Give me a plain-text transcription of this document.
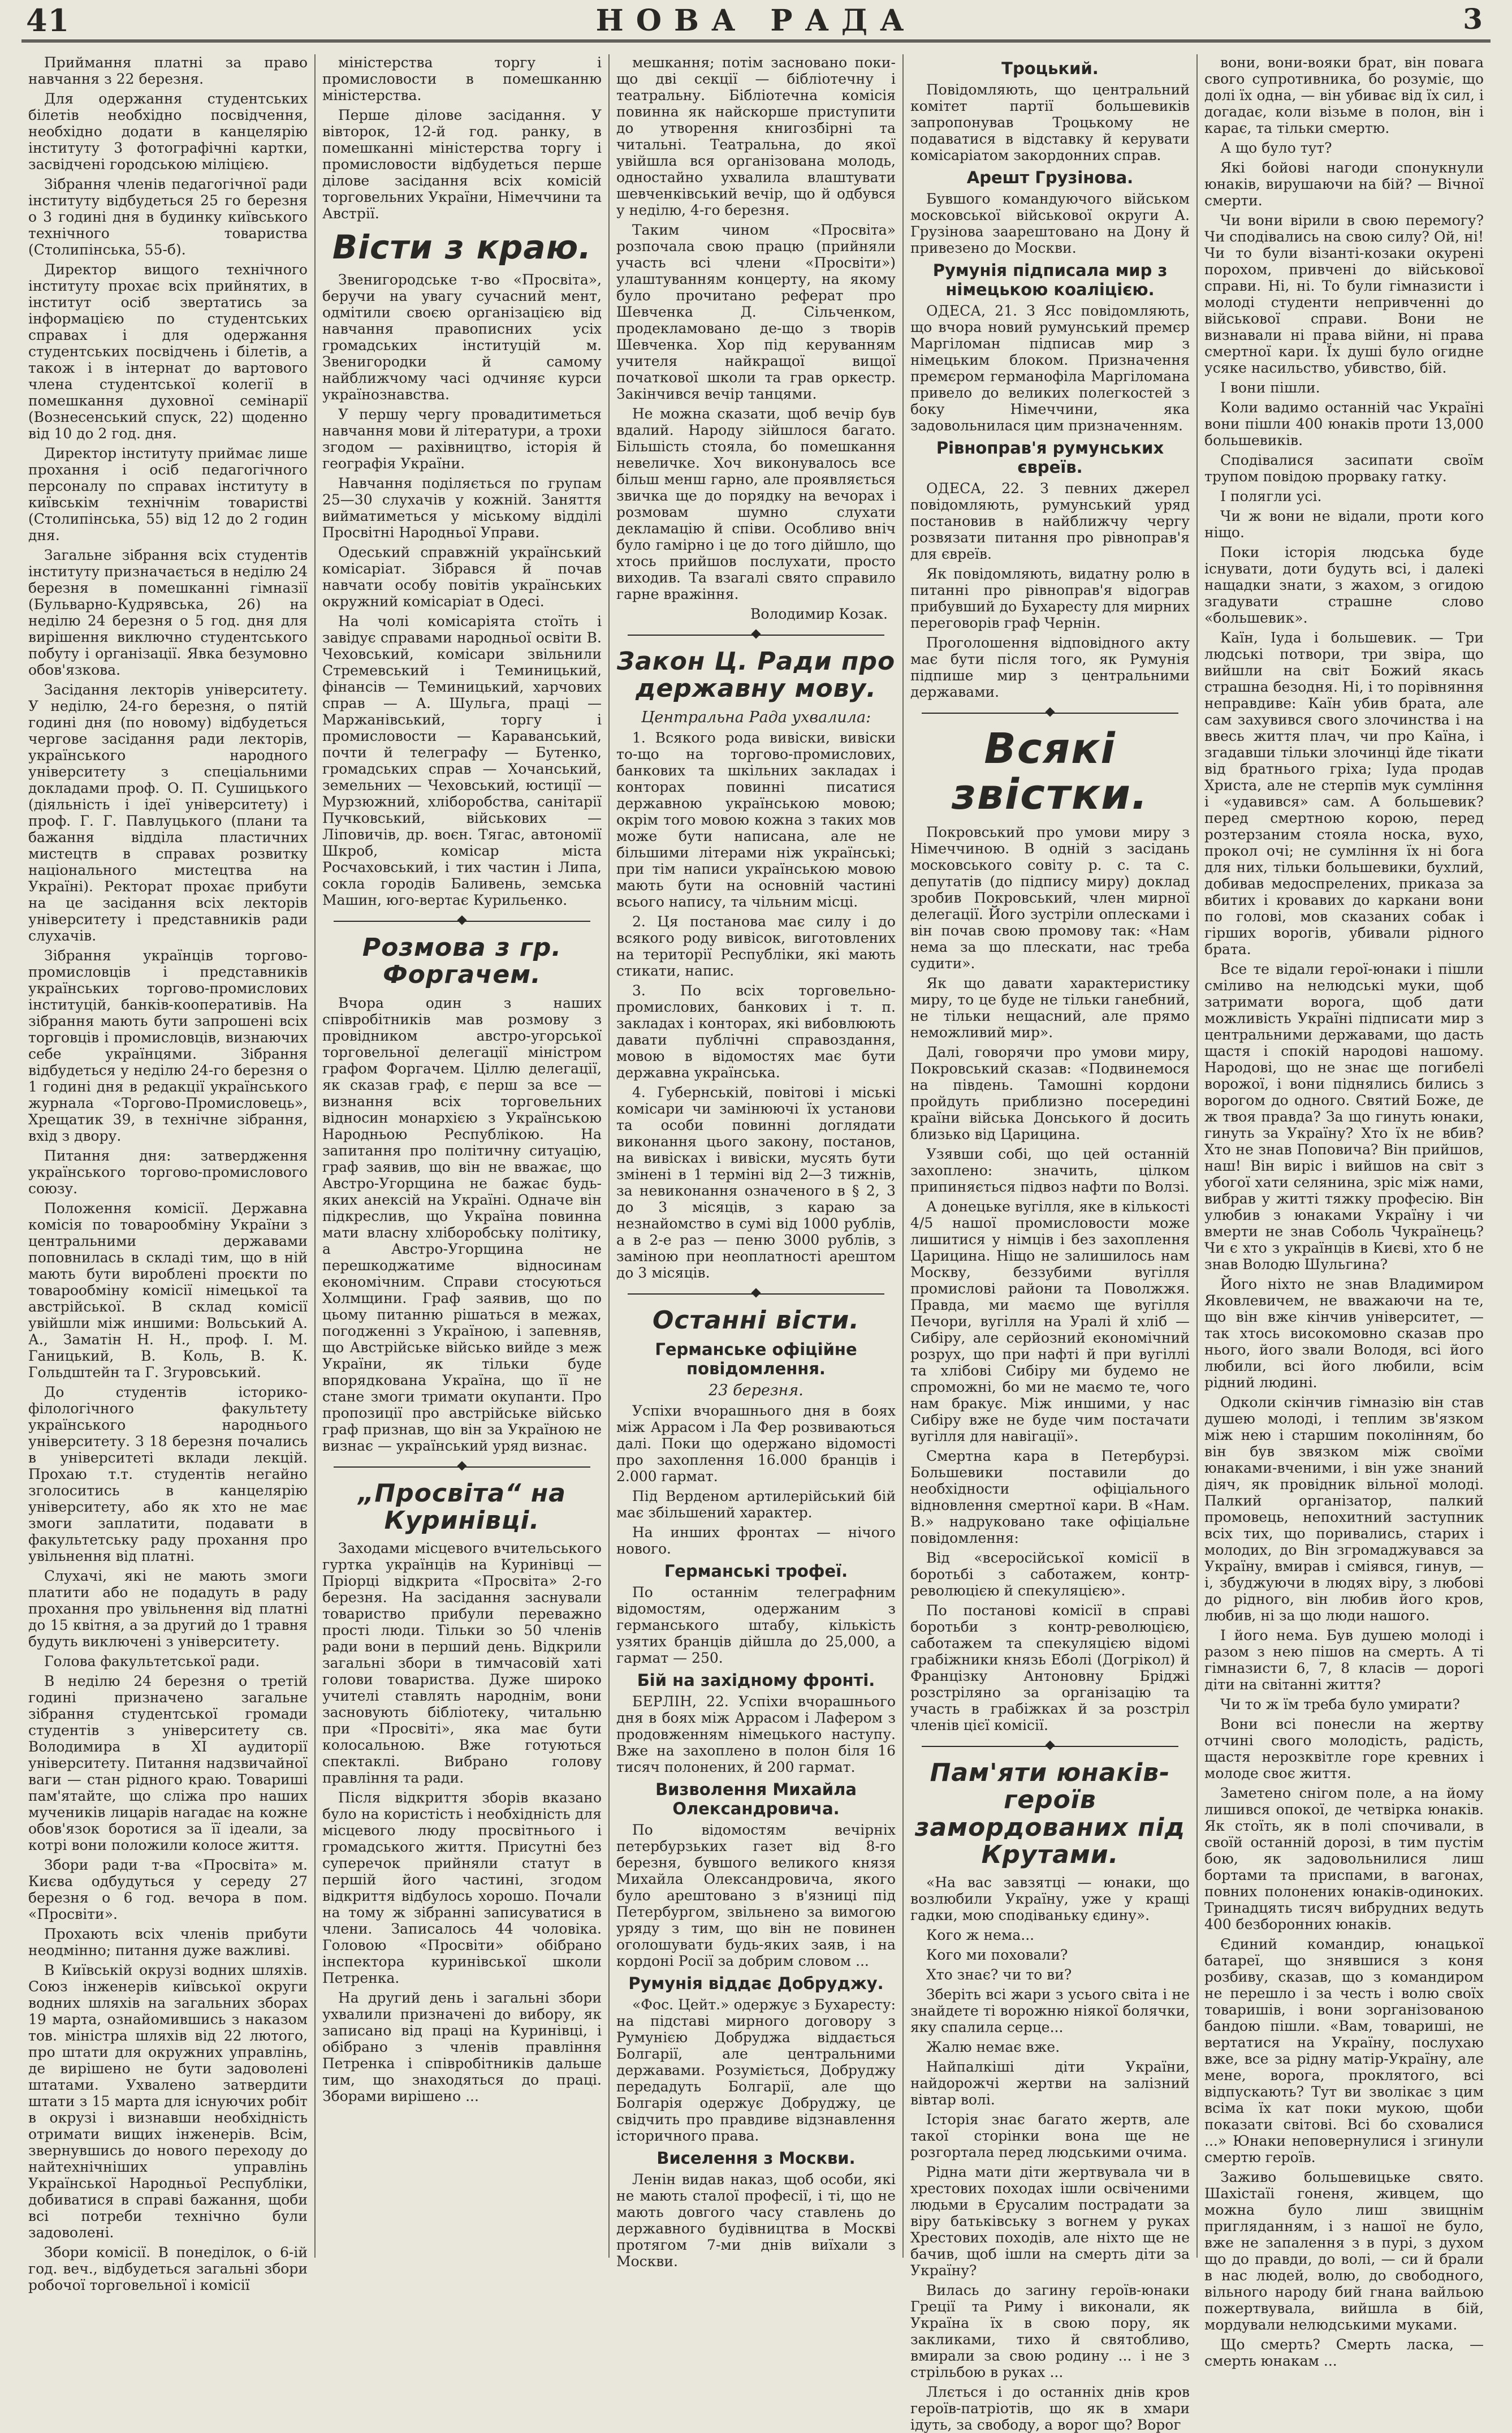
41	НОВА РАДА	3

Приймання платні за право навчання з 22 березня.

Для одержання студентських білетів необхідно посвідчення, необхідно додати в канцелярію інституту 3 фотографічні картки, засвідчені городською міліцією.

Зібрання членів педагогічної ради інституту відбудеться 25 го березня о 3 годині дня в будинку київського технічного товариства (Столипінська, 55-б).

Директор вищого технічного інституту прохає всіх прийнятих, в інститут осіб звертатись за інформацією по студентських справах і для одержання студентських посвідчень і білетів, а також і в інтернат до вартового члена студентської колегії в помешкання духовної семінарії (Вознесенський спуск, 22) щоденно від 10 до 2 год. дня.

Директор інституту приймає лише прохання і осіб педагогічного персоналу по справах інституту в київськім технічнім товаристві (Столипінська, 55) від 12 до 2 годин дня.

Загальне зібрання всіх студентів інституту призначається в неділю 24 березня в помешканні гімназії (Бульварно-Кудрявська, 26) на неділю 24 березня о 5 год. дня для вирішення виключно студентського побуту і організації. Явка безумовно обов'язкова.

Засідання лекторів університету. У неділю, 24-го березня, о пятій годині дня (по новому) відбудеться чергове засідання ради лекторів, українського народного університету з спеціальними докладами проф. О. П. Сушицького (діяльність і ідеї університету) і проф. Г. Г. Павлуцького (плани та бажання відділа пластичних мистецтв в справах розвитку національного мистецтва на Україні). Ректорат прохає прибути на це засідання всіх лекторів університету і представників ради слухачів.

Зібрання українців торгово-промисловців і представників українських торгово-промислових інституцій, банків-кооперативів. На зібрання мають бути запрошені всіх торговців і промисловців, визнаючих себе українцями. Зібрання відбудеться у неділю 24-го березня о 1 годині дня в редакції українського журнала «Торгово-Промисловець», Хрещатик 39, в технічне зібрання, вхід з двору.

Питання дня: затвердження українського торгово-промислового союзу.

Положення комісії. Державна комісія по товарообміну України з центральними державами поповнилась в складі тим, що в ній мають бути вироблені проєкти по товарообміну комісії німецької та австрійської. В склад комісії увійшли між иншими: Вольський А. А., Заматін Н. Н., проф. І. М. Ганицький, В. Коль, В. К. Гольдштейн та Г. Згуровський.

До студентів історико-філологічного факультету українського народнього університету. З 18 березня почались в університеті вклади лекцій. Прохаю т.т. студентів негайно зголоситись в канцелярію університету, або як хто не має змоги заплатити, подавати в факультетську раду прохання про увільнення від платні.

Слухачі, які не мають змоги платити або не подадуть в раду прохання про увільнення від платні до 15 квітня, а за другий до 1 травня будуть виключені з університету.

Голова факультетської ради.

В неділю 24 березня о третій годині призначено загальне зібрання студентської громади студентів з університету св. Володимира в ХІ аудиторії університету. Питання надзвичайної ваги — стан рідного краю. Товариші пам'ятайте, що сліжа про наших мучеників лицарів нагадає на кожне обов'язок боротися за її ідеали, за котрі вони положили колосе життя.

Збори ради т-ва «Просвіта» м. Києва одбудуться у середу 27 березня о 6 год. вечора в пом. «Просвіти».

Прохають всіх членів прибути неодмінно; питання дуже важливі.

В Київській окрузі водних шляхів. Союз інженерів київської округи водних шляхів на загальних зборах 19 марта, ознайомившись з наказом тов. міністра шляхів від 22 лютого, про штати для окружних управлінь, де вирішено не бути задоволені штатами. Ухвалено затвердити штати з 15 марта для існуючих робіт в окрузі і визнавши необхідність отримати вищих інженерів. Всім, звернувшись до нового переходу до найтехнічніших управлінь Української Народньої Республіки, добиватися в справі бажання, щоби всі потреби технічно були задоволені.

Збори комісії. В понеділок, о 6-ій год. веч., відбудеться загальні збори робочої торговельної і комісії

міністерства торгу і промисловости в помешканню міністерства.

Перше ділове засідання. У вівторок, 12-й год. ранку, в помешканні міністерства торгу і промисловости відбудеться перше ділове засідання всіх комісій торговельних України, Німеччини та Австрії.

Вісти з краю.

Звенигородське т-во «Просвіта», беручи на увагу сучасний мент, одмітили своєю організацією від навчання правописних усіх громадських інституцій м. Звенигородки й самому найближчому часі одчиняє курси українознавства.

У першу чергу провадитиметься навчання мови й літератури, а трохи згодом — рахівництво, історія й географія України.

Навчання поділяється по групам 25—30 слухачів у кожній. Заняття вийматиметься у міському відділі Просвітні Народньої Управи.

Одеський справжній український комісаріат. Зібрався й почав навчати особу повітів українських окружний комісаріат в Одесі.

На чолі комісаріята стоїть і завідує справами народньої освіти В. Чеховський, комісари звільнили Стремевський і Теминицький, фінансів — Теминицький, харчових справ — А. Шульга, праці — Маржанівський, торгу і промисловости — Караванський, почти й телеграфу — Бутенко, громадських справ — Хочанський, земельних — Чеховський, юстиції — Мурзюжний, хліборобства, санітарії Пучковський, військових — Ліповичів, др. воєн. Тягас, автономії Шкроб, комісар міста Росчаховський, і тих частин і Липа, сокла городів Баливень, земська Машин, юго-вертає Курильенко.

Розмова з гр. Форгачем.

Вчора один з наших співробітників мав розмову з провідником австро-угорської торговельної делегації міністром графом Форгачем. Ціллю делегації, як сказав граф, є перш за все — визнання всіх торговельних відносин монархією з Українською Народньою Республікою. На запитання про політичну ситуацію, граф заявив, що він не вважає, що Австро-Угорщина не бажає будь-яких анексій на Україні. Одначе він підкреслив, що Україна повинна мати власну хліборобську політику, а Австро-Угорщина не перешкоджатиме відносинам економічним. Справи стосуються Холмщини. Граф заявив, що по цьому питанню рішаться в межах, погодженні з Україною, і запевняв, що Австрійське військо вийде з меж України, як тільки буде впорядкована Україна, що її не стане змоги тримати окупанти. Про пропозиції про австрійське військо граф признав, що він за Україною не визнає — український уряд визнає.

„Просвіта“ на Куринівці.

Заходами місцевого вчительського гуртка українців на Куринівці — Пріорці відкрита «Просвіта» 2-го березня. На засідання заснували товариство прибули переважно прості люди. Тільки зо 50 членів ради вони в перший день. Відкрили загальні збори в тимчасовій хаті голови товариства. Дуже широко учителі ставлять народнім, вони засновують бібліотеку, читальню при «Просвіті», яка має бути колосальною. Вже готуються спектаклі. Вибрано голову правління та ради.

Після відкриття зборів вказано було на користість і необхідність для місцевого люду просвітнього і громадського життя. Присутні без суперечок прийняли статут в першій його частині, згодом відкриття відбулось хорошо. Почали на тому ж зібранні записуватися в члени. Записалось 44 чоловіка. Головою «Просвіти» обібрано інспектора куринівської школи Петренка.

На другий день і загальні збори ухвалили призначені до вибору, як записано від праці на Куринівці, і обібрано з членів правління Петренка і співробітників дальше тим, що знаходяться до праці. Зборами вирішено ...

мешкання; потім засновано поки-що дві секції — бібліотечну і театральну. Бібліотечна комісія повинна як найскорше приступити до утворення книгозбірні та читальні. Театральна, до якої увійшла вся організована молодь, одностайно ухвалила влаштувати шевченківський вечір, що й одбувся у неділю, 4-го березня.

Таким чином «Просвіта» розпочала свою працю (прийняли участь всі члени «Просвіти») улаштуванням концерту, на якому було прочитано реферат про Шевченка Д. Сільченком, продекламовано де-що з творів Шевченка. Хор під керуванням учителя найкращої вищої початкової школи та грав оркестр. Закінчився вечір танцями.

Не можна сказати, щоб вечір був вдалий. Народу зійшлося багато. Більшість стояла, бо помешкання невеличке. Хоч виконувалось все більш менш гарно, але проявляється звичка ще до порядку на вечорах і розмовам шумно слухати декламацію й співи. Особливо вніч було гамірно і це до того дійшло, що хтось прийшов послухати, просто виходив. Та взагалі свято справило гарне вражіння.

Володимир Козак.
Закон Ц. Ради про державну мову.
Центральна Рада ухвалила:

1. Всякого рода вивіски, вивіски то-що на торгово-промислових, банкових та шкільних закладах і конторах повинні писатися державною українською мовою; окрім того мовою кожна з таких мов може бути написана, але не більшими літерами ніж українські; при тім написи українською мовою мають бути на основній частині всього напису, та чільним місці.

2. Ця постанова має силу і до всякого роду вивісок, виготовлених на території Республіки, які мають стикати, напис.

3. По всіх торговельно-промислових, банкових і т. п. закладах і конторах, які вибовлюють давати публічні справоздання, мовою в відомостях має бути державна українська.

4. Губернській, повітові і міські комісари чи замінюючі їх установи та особи повинні доглядати виконання цього закону, постанов, на вивісках і вивіски, мусять бути змінені в 1 терміні від 2—3 тижнів, за невиконання означеного в § 2, 3 до 3 місяців, з караю за незнайомство в сумі від 1000 рублів, а в 2-е раз — пеню 3000 рублів, з заміною при неоплатності арештом до 3 місяців.

Останні вісти.
Германське офіційне повідомлення.
23 березня.

Успіхи вчорашнього дня в боях між Аррасом і Ла Фер розвиваються далі. Поки що одержано відомості про захоплення 16.000 бранців і 2.000 гармат.

Під Верденом артилерійський бій має збільшений характер.

На инших фронтах — нічого нового.

Германські трофеї.

По останнім телеграфним відомостям, одержаним з германського штабу, кількість узятих бранців дійшла до 25,000, а гармат — 250.

Бій на західному фронті.

БЕРЛІН, 22. Успіхи вчорашнього дня в боях між Аррасом і Лафером з продовженням німецького наступу. Вже на захоплено в полон біля 16 тисяч полонених, й 200 гармат.

Визволення Михайла Олександровича.

По відомостям вечірніх петербурзьких газет від 8-го березня, бувшого великого князя Михайла Олександровича, якого було арештовано з в'язниці під Петербургом, звільнено за вимогою уряду з тим, що він не повинен оголошувати будь-яких заяв, і на кордоні Росії за добрим словом ...

Румунія віддає Добруджу.

«Фос. Цейт.» одержує з Бухаресту: на підставі мирного договору з Румунією Добруджа віддається Болгарії, але центральними державами. Розуміється, Добруджу передадуть Болгарії, але що Болгарія одержує Добруджу, це свідчить про правдиве відзнавлення історичного права.

Виселення з Москви.

Ленін видав наказ, щоб особи, які не мають сталої професії, і ті, що не мають довгого часу ставлень до державного будівництва в Москві протягом 7-ми днів виїхали з Москви.

Троцький.

Повідомляють, що центральний комітет партії большевиків запропонував Троцькому не подаватися в відставку й керувати комісаріатом закордонних справ.

Арешт Грузінова.

Бувшого командуючого військом московської військової округи А. Грузінова заарештовано на Дону й привезено до Москви.

Румунія підписала мир з німецькою коаліцією.

ОДЕСА, 21. З Ясс повідомляють, що вчора новий румунський премєр Маргіломан підписав мир з німецьким блоком. Призначення премєром германофіла Маргіломана привело до великих полегкостей з боку Німеччини, яка задовольнилася цим призначенням.

Рівноправ'я румунських євреїв.

ОДЕСА, 22. З певних джерел повідомляють, румунський уряд постановив в найближчу чергу розвязати питання про рівноправ'я для євреїв.

Як повідомляють, видатну ролю в питанні про рівноправ'я відограв прибувший до Бухаресту для мирних переговорів граф Чернін.

Проголошення відповідного акту має бути після того, як Румунія підпише мир з центральними державами.

Всякі звістки.

Покровський про умови миру з Німеччиною. В одній з засідань московського совіту р. с. та с. депутатів (до підпису миру) доклад зробив Покровський, член мирної делегації. Його зустріли оплесками і він почав свою промову так: «Нам нема за що плескати, нас треба судити».

Як що давати характеристику миру, то це буде не тільки ганебний, не тільки нещасний, але прямо неможливий мир».

Далі, говорячи про умови миру, Покровський сказав: «Подвинемося на південь. Тамошні кордони пройдуть приблизно посередині країни війська Донського й досить близько від Царицина.

Узявши собі, що цей останній захоплено: значить, цілком припиняється підвоз нафти по Волзі.

А донецьке вугілля, яке в кількості 4/5 нашої промисловости може лишитися у німців і без захоплення Царицина. Ніщо не залишилось нам Москву, беззубими вугілля промислові райони та Поволжжя. Правда, ми маємо ще вугілля Печори, вугілля на Уралі й хліб — Сибіру, але серйозний економічний розрух, що при нафті й при вугіллі та хлібові Сибіру ми будемо не спроможні, бо ми не маємо те, чого нам бракує. Між иншими, у нас Сибіру вже не буде чим постачати вугілля для навігації».

Смертна кара в Петербурзі. Большевики поставили до необхідности офіціального відновлення смертної кари. В «Нам. В.» надруковано таке офіціальне повідомлення:

Від «всеросійської комісії в боротьбі з саботажем, контр-революцією й спекуляцією».

По постанові комісії в справі боротьби з контр-революцією, саботажем та спекуляцією відомі грабіжники князь Еболі (Догрікол) й Францізку Антоновну Бріджі розстріляно за організацію та участь в грабіжках й за розстріл членів цієї комісії.

Пам'яти юнаків-героїв замордованих під Крутами.

«На вас завзятці — юнаки, що возлюбили Україну, уже у кращі гадки, мою сподіваньку єдину».

Кого ж нема...

Кого ми поховали?

Хто знає? чи то ви?

Зберіть всі жари з усього світа і не знайдете ті ворожню ніякої болячки, яку спалила серце...

Жалю немає вже.

Найпалкіші діти України, найдорожчі жертви на залізний вівтар волі.

Історія знає багато жертв, але такої сторінки вона ще не розгортала перед людськими очима.

Рідна мати діти жертвувала чи в хрестових походах ішли освіченими людьми в Єрусалим пострадати за віру батьківську з вогнем у руках Хрестових походів, але ніхто ще не бачив, щоб ішли на смерть діти за Україну?

Вилась до загину героїв-юнаки Греції та Риму і виконали, як Україна їх в свою пору, як закликами, тихо й святобливо, вмирали за свою родину ... і не з стрільбою в руках ...

Ллється і до останніх днів кров героїв-патріотів, що як в хмари ідуть, за свободу, а ворог що? Ворог

вони, вони-вояки брат, він повага свого супротивника, бо розуміє, що долі їх одна, — він убиває від їх сил, і догадає, коли візьме в полон, він і карає, та тільки смертю.

А що було тут?

Які бойові нагоди спонукнули юнаків, вирушаючи на бій? — Вічної смерти.

Чи вони вірили в свою перемогу? Чи сподівались на свою силу? Ой, ні! Чи то були візанті-козаки окурені порохом, привчені до військової справи. Ні, ні. То були гімназисти і молоді студенти непривченні до військової справи. Вони не визнавали ні права війни, ні права смертної кари. Їх душі було огидне усяке насильство, убивство, бій.

І вони пішли.

Коли вадимо останній час Україні вони пішли 400 юнаків проти 13,000 большевиків.

Сподівалися засипати своїм трупом повідою прорваку гатку.

І полягли усі.

Чи ж вони не відали, проти кого ніщо.

Поки історія людська буде існувати, доти будуть всі, і далекі нащадки знати, з жахом, з огидою згадувати страшне слово «большевик».

Каїн, Іуда і большевик. — Три людські потвори, три звіра, що вийшли на світ Божий якась страшна безодня. Ні, і то порівняння неправдиве: Каїн убив брата, але сам захувився свого злочинства і на ввесь життя плач, чи про Каїна, і згадавши тільки злочинці йде тікати від братнього гріха; Іуда продав Христа, але не стерпів мук сумління і «удавився» сам. А большевик? перед смертною корою, перед розтерзаним стояла носка, вухо, прокол очі; не сумління їх ні бога для них, тільки большевики, бухлий, добивав медоспрелених, приказа за вбитих і кровавих до каркани вони по голові, мов сказаних собак і гірших ворогів, убивали рідного брата.

Все те відали герої-юнаки і пішли сміливо на нелюдські муки, щоб затримати ворога, щоб дати можливість Україні підписати мир з центральними державами, що дасть щастя і спокій народові нашому. Народові, що не знає ще погибелі ворожої, і вони піднялись бились з ворогом до одного. Святий Боже, де ж твоя правда? За що гинуть юнаки, гинуть за Україну? Хто їх не вбив? Хто не знав Поповича? Він прийшов, наш! Він виріс і вийшов на світ з убогої хати селянина, зріс між нами, вибрав у житті тяжку професію. Він улюбив з юнаками Україну і чи вмерти не знав Соболь Чукраїнець? Чи є хто з українців в Києві, хто б не знав Володю Шульгина?

Його ніхто не знав Владимиром Яковлевичем, не вважаючи на те, що він вже кінчив університет, — так хтось високомовно сказав про нього, його звали Володя, всі його любили, всі його любили, всім рідний людині.

Одколи скінчив гімназію він став душею молоді, і теплим зв'язком між нею і старшим поколінням, бо він був звязком між своїми юнаками-вченими, і він уже знаний діяч, як провідник вільної молоді. Палкий організатор, палкий промовець, непохитний заступник всіх тих, що поривались, старих і молодих, до Він згромаджувався за Україну, вмирав і сміявся, гинув, — і, збуджуючи в людях віру, з любові до рідного, він любив його кров, любив, ні за що люди нашого.

І його нема. Був душею молоді і разом з нею пішов на смерть. А ті гімназисти 6, 7, 8 класів — дорогі діти на світанні життя?

Чи то ж їм треба було умирати?

Вони всі понесли на жертву отчині свого молодість, радість, щастя нерозквітле горе кревних і молоде своє життя.

Заметено снігом поле, а на йому лишився опокої, де четвірка юнаків. Як стоїть, як в полі спочивали, в своїй останній дорозі, в тим пустім бою, як задовольнилися лиш бортами та приспами, в вагонах, повних полонених юнаків-одиноких. Тринадцять тисяч вибрудних ведуть 400 безборонних юнаків.

Єдиний командир, юнацької батареї, що знявшися з коня розбиву, сказав, що з командиром не перешло і за честь і волю своїх товаришів, і вони зорганізованою бандою пішли. «Вам, товариші, не вертатися на Україну, послухаю вже, все за рідну матір-Україну, але мене, ворога, проклятого, всі відпускають? Тут ви зволікає з цим всіма їх кат поки мукою, щоби показати світові. Всі бо сховалися ...» Юнаки неповернулися і згинули смертю героїв.

Заживо большевицьке свято. Шахістаїі гоненя, живцем, що можна було лиш звищнім пригляданням, і з нашої не було, вже не запалення з в пурі, з духом що до правди, до волі, — си й брали в нас людей, волю, до свободного, вільного народу бий гнана вайльою пожертвувала, вийшла в бій, мордували нелюдськими муками.

Що смерть? Смерть ласка, — смерть юнакам ...
